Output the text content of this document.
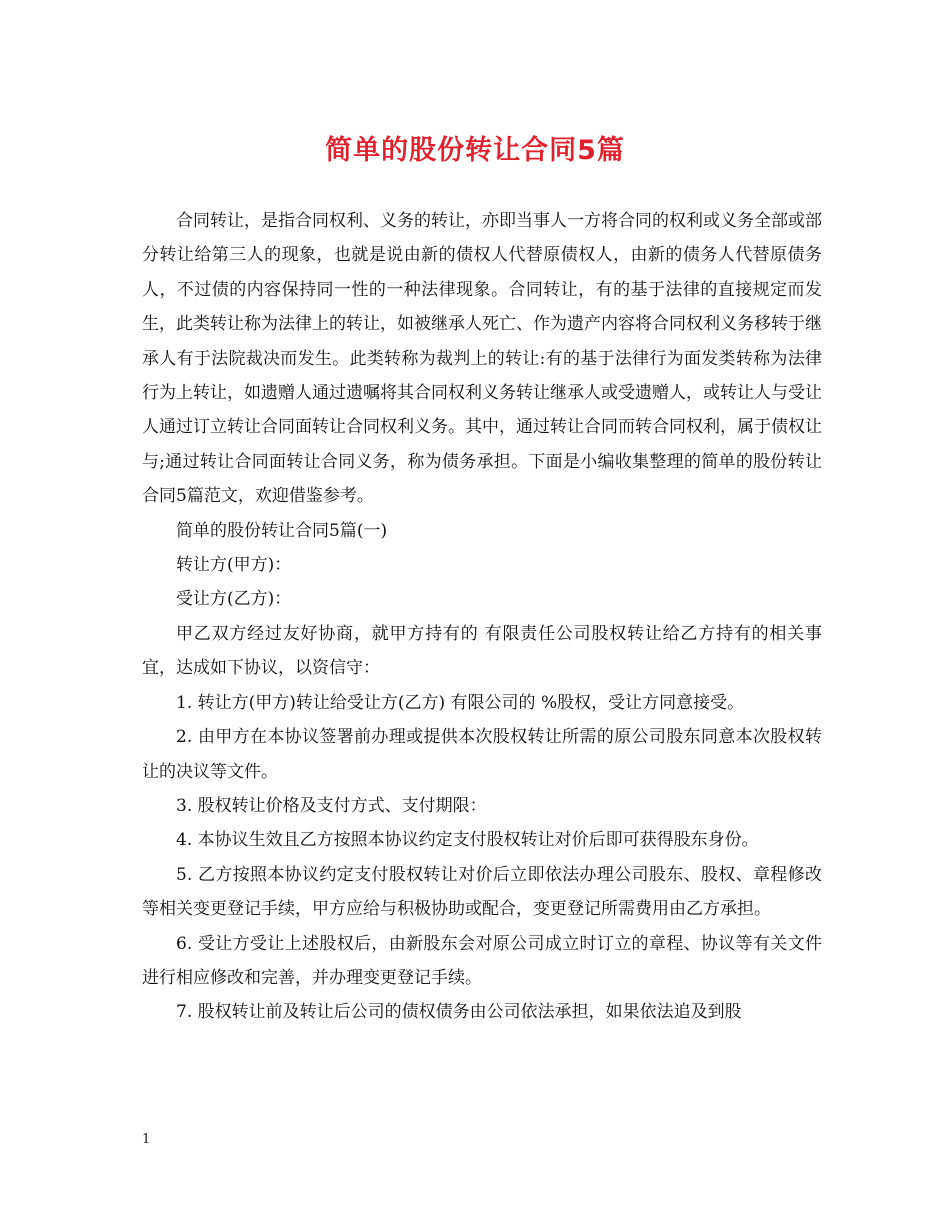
简单的股份转让合同5篇

合同转让，是指合同权利、义务的转让，亦即当事人一方将合同的权利或义务全部或部分转让给第三人的现象，也就是说由新的债权人代替原债权人，由新的债务人代替原债务人，不过债的内容保持同一性的一种法律现象。合同转让，有的基于法律的直接规定而发生，此类转让称为法律上的转让，如被继承人死亡、作为遗产内容将合同权利义务移转于继承人有于法院裁决而发生。此类转称为裁判上的转让:有的基于法律行为面发类转称为法律行为上转让，如遗赠人通过遗嘱将其合同权利义务转让继承人或受遗赠人，或转让人与受让人通过订立转让合同面转让合同权利义务。其中，通过转让合同而转合同权利，属于债权让与;通过转让合同面转让合同义务，称为债务承担。下面是小编收集整理的简单的股份转让合同5篇范文，欢迎借鉴参考。

简单的股份转让合同5篇(一)

转让方(甲方)：

受让方(乙方)：

甲乙双方经过友好协商，就甲方持有的 有限责任公司股权转让给乙方持有的相关事宜，达成如下协议，以资信守：

1. 转让方(甲方)转让给受让方(乙方) 有限公司的 %股权，受让方同意接受。

2. 由甲方在本协议签署前办理或提供本次股权转让所需的原公司股东同意本次股权转让的决议等文件。

3. 股权转让价格及支付方式、支付期限：

4. 本协议生效且乙方按照本协议约定支付股权转让对价后即可获得股东身份。

5. 乙方按照本协议约定支付股权转让对价后立即依法办理公司股东、股权、章程修改等相关变更登记手续，甲方应给与积极协助或配合，变更登记所需费用由乙方承担。

6. 受让方受让上述股权后，由新股东会对原公司成立时订立的章程、协议等有关文件进行相应修改和完善，并办理变更登记手续。

7. 股权转让前及转让后公司的债权债务由公司依法承担，如果依法追及到股

1
